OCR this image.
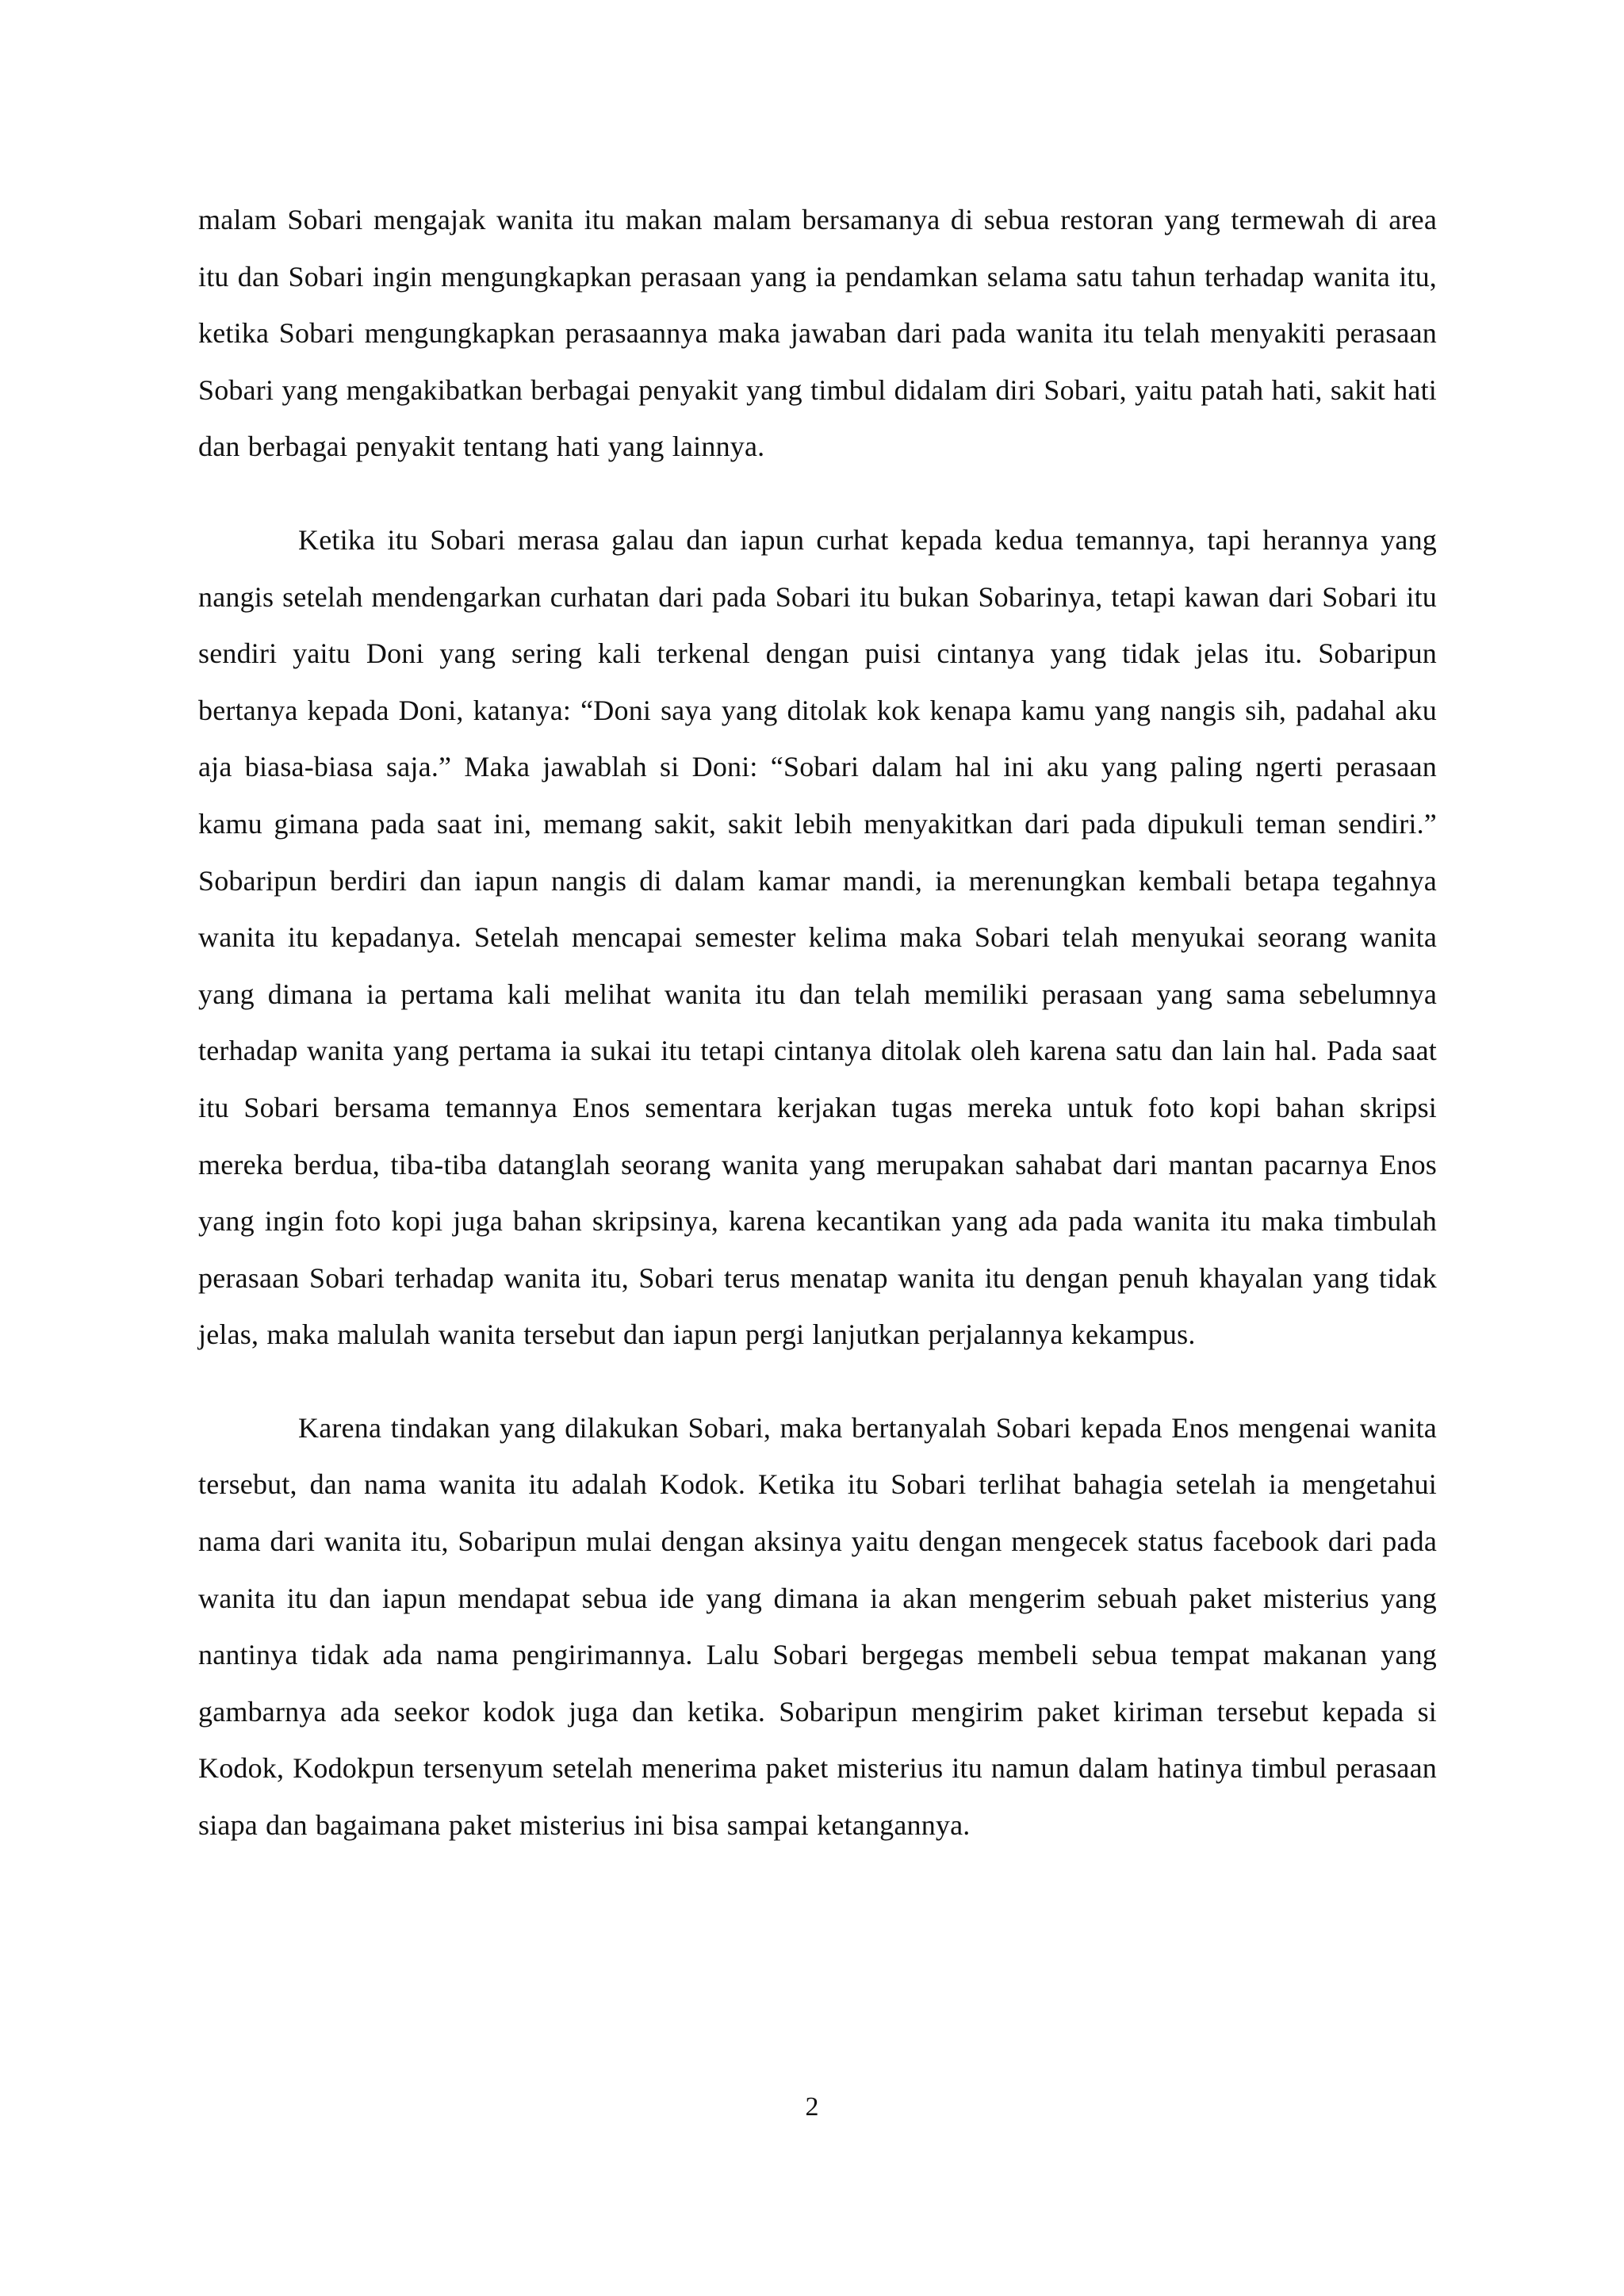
malam Sobari mengajak wanita itu makan malam bersamanya di sebua restoran yang termewah di area itu dan Sobari ingin mengungkapkan perasaan yang ia pendamkan selama satu tahun terhadap wanita itu, ketika Sobari mengungkapkan perasaannya maka jawaban dari pada wanita itu telah menyakiti perasaan Sobari yang mengakibatkan berbagai penyakit yang timbul didalam diri Sobari, yaitu patah hati, sakit hati dan berbagai penyakit tentang hati yang lainnya.

Ketika itu Sobari merasa galau dan iapun curhat kepada kedua temannya, tapi herannya yang nangis setelah mendengarkan curhatan dari pada Sobari itu bukan Sobarinya, tetapi kawan dari Sobari itu sendiri yaitu Doni yang sering kali terkenal dengan puisi cintanya yang tidak jelas itu. Sobaripun bertanya kepada Doni, katanya: “Doni saya yang ditolak kok kenapa kamu yang nangis sih, padahal aku aja biasa-biasa saja.” Maka jawablah si Doni: “Sobari dalam hal ini aku yang paling ngerti perasaan kamu gimana pada saat ini, memang sakit, sakit lebih menyakitkan dari pada dipukuli teman sendiri.” Sobaripun berdiri dan iapun nangis di dalam kamar mandi, ia merenungkan kembali betapa tegahnya wanita itu kepadanya. Setelah mencapai semester kelima maka Sobari telah menyukai seorang wanita yang dimana ia pertama kali melihat wanita itu dan telah memiliki perasaan yang sama sebelumnya terhadap wanita yang pertama ia sukai itu tetapi cintanya ditolak oleh karena satu dan lain hal. Pada saat itu Sobari bersama temannya Enos sementara kerjakan tugas mereka untuk foto kopi bahan skripsi mereka berdua, tiba-tiba datanglah seorang wanita yang merupakan sahabat dari mantan pacarnya Enos yang ingin foto kopi juga bahan skripsinya, karena kecantikan yang ada pada wanita itu maka timbulah perasaan Sobari terhadap wanita itu, Sobari terus menatap wanita itu dengan penuh khayalan yang tidak jelas, maka malulah wanita tersebut dan iapun pergi lanjutkan perjalannya kekampus.

Karena tindakan yang dilakukan Sobari, maka bertanyalah Sobari kepada Enos mengenai wanita tersebut, dan nama wanita itu adalah Kodok. Ketika itu Sobari terlihat bahagia setelah ia mengetahui nama dari wanita itu, Sobaripun mulai dengan aksinya yaitu dengan mengecek status facebook dari pada wanita itu dan iapun mendapat sebua ide yang dimana ia akan mengerim sebuah paket misterius yang nantinya tidak ada nama pengirimannya. Lalu Sobari bergegas membeli sebua tempat makanan yang gambarnya ada seekor kodok juga dan ketika. Sobaripun mengirim paket kiriman tersebut kepada si Kodok, Kodokpun tersenyum setelah menerima paket misterius itu namun dalam hatinya timbul perasaan siapa dan bagaimana paket misterius ini bisa sampai ketangannya.

2
